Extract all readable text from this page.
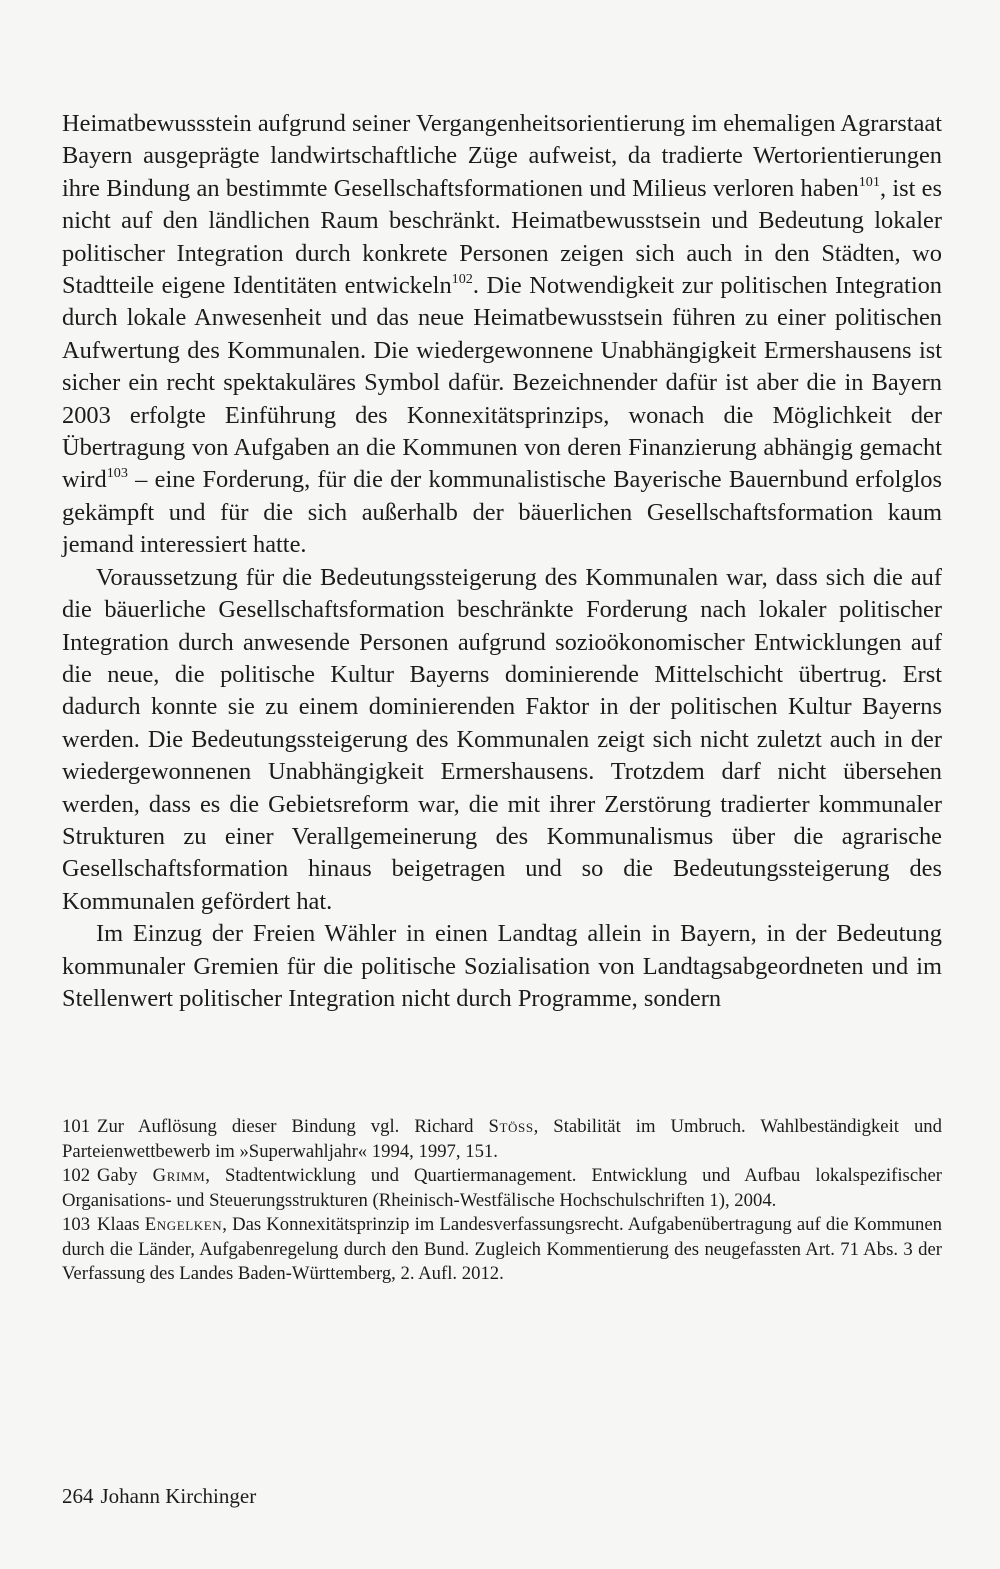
Heimatbewussstein aufgrund seiner Vergangenheitsorientierung im ehemaligen Agrarstaat Bayern ausgeprägte landwirtschaftliche Züge aufweist, da tradierte Wertorientierungen ihre Bindung an bestimmte Gesellschaftsformationen und Milieus verloren haben$^{101}$, ist es nicht auf den ländlichen Raum beschränkt. Heimatbewusstsein und Bedeutung lokaler politischer Integration durch konkrete Personen zeigen sich auch in den Städten, wo Stadtteile eigene Identitäten entwickeln$^{102}$. Die Notwendigkeit zur politischen Integration durch lokale Anwesenheit und das neue Heimatbewusstsein führen zu einer politischen Aufwertung des Kommunalen. Die wiedergewonnene Unabhängigkeit Ermershausens ist sicher ein recht spektakuläres Symbol dafür. Bezeichnender dafür ist aber die in Bayern 2003 erfolgte Einführung des Konnexitätsprinzips, wonach die Möglichkeit der Übertragung von Aufgaben an die Kommunen von deren Finanzierung abhängig gemacht wird$^{103}$ – eine Forderung, für die der kommunalistische Bayerische Bauernbund erfolglos gekämpft und für die sich außerhalb der bäuerlichen Gesellschaftsformation kaum jemand interessiert hatte.

Voraussetzung für die Bedeutungssteigerung des Kommunalen war, dass sich die auf die bäuerliche Gesellschaftsformation beschränkte Forderung nach lokaler politischer Integration durch anwesende Personen aufgrund sozioökonomischer Entwicklungen auf die neue, die politische Kultur Bayerns dominierende Mittelschicht übertrug. Erst dadurch konnte sie zu einem dominierenden Faktor in der politischen Kultur Bayerns werden. Die Bedeutungssteigerung des Kommunalen zeigt sich nicht zuletzt auch in der wiedergewonnenen Unabhängigkeit Ermershausens. Trotzdem darf nicht übersehen werden, dass es die Gebietsreform war, die mit ihrer Zerstörung tradierter kommunaler Strukturen zu einer Verallgemeinerung des Kommunalismus über die agrarische Gesellschaftsformation hinaus beigetragen und so die Bedeutungssteigerung des Kommunalen gefördert hat.

Im Einzug der Freien Wähler in einen Landtag allein in Bayern, in der Bedeutung kommunaler Gremien für die politische Sozialisation von Landtagsabgeordneten und im Stellenwert politischer Integration nicht durch Programme, sondern

101 Zur Auflösung dieser Bindung vgl. Richard Stöss, Stabilität im Umbruch. Wahlbeständigkeit und Parteienwettbewerb im »Superwahljahr« 1994, 1997, 151.

102 Gaby Grimm, Stadtentwicklung und Quartiermanagement. Entwicklung und Aufbau lokalspezifischer Organisations- und Steuerungsstrukturen (Rheinisch-Westfälische Hochschulschriften 1), 2004.

103 Klaas Engelken, Das Konnexitätsprinzip im Landesverfassungsrecht. Aufgabenübertragung auf die Kommunen durch die Länder, Aufgabenregelung durch den Bund. Zugleich Kommentierung des neugefassten Art. 71 Abs. 3 der Verfassung des Landes Baden-Württemberg, 2. Aufl. 2012.

264 Johann Kirchinger
